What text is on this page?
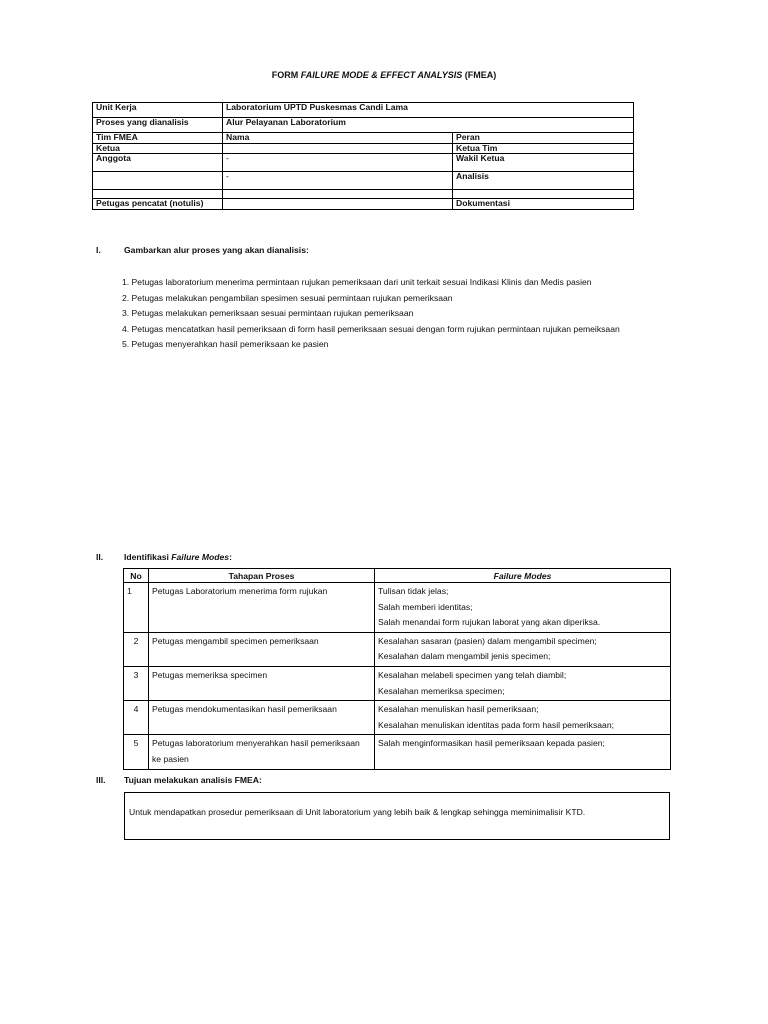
FORM FAILURE MODE & EFFECT ANALYSIS (FMEA)
Unit Kerja	Laboratorium UPTD Puskesmas Candi Lama	
Proses yang dianalisis	Alur Pelayanan Laboratorium	
Tim FMEA	Nama	Peran
Ketua		Ketua Tim
Anggota	-	Wakil Ketua
	-	Analisis

Petugas pencatat (notulis)		Dokumentasi
I.	Gambarkan alur proses yang akan dianalisis:
1. Petugas laboratorium menerima permintaan rujukan pemeriksaan dari unit terkait sesuai Indikasi Klinis dan Medis pasien
2. Petugas melakukan pengambilan spesimen sesuai permintaan rujukan pemeriksaan
3. Petugas melakukan pemeriksaan sesuai permintaan rujukan pemeriksaan
4. Petugas mencatatkan hasil pemeriksaan di form hasil pemeriksaan sesuai dengan form rujukan permintaan rujukan pemeiksaan
5. Petugas menyerahkan hasil pemeriksaan ke pasien
II. Identifikasi Failure Modes:
No	Tahapan Proses	Failure Modes
1	Petugas Laboratorium menerima form rujukan	Tulisan tidak jelas;
Salah memberi identitas;
Salah menandai form rujukan laborat yang akan diperiksa.

2	Petugas mengambil specimen pemeriksaan	Kesalahan sasaran (pasien) dalam mengambil specimen;
Kesalahan dalam mengambil jenis specimen;

3	Petugas memeriksa specimen	Kesalahan melabeli specimen yang telah diambil;
Kesalahan memeriksa specimen;

4	Petugas mendokumentasikan hasil pemeriksaan	Kesalahan menuliskan hasil pemeriksaan;
Kesalahan menuliskan identitas pada form hasil pemeriksaan;

5	Petugas laboratorium menyerahkan hasil pemeriksaan
ke pasien	Salah menginformasikan hasil pemeriksaan kepada pasien;
III. Tujuan melakukan analisis FMEA:
Untuk mendapatkan prosedur pemeriksaan di Unit laboratorium yang lebih baik & lengkap sehingga meminimalisir KTD.
